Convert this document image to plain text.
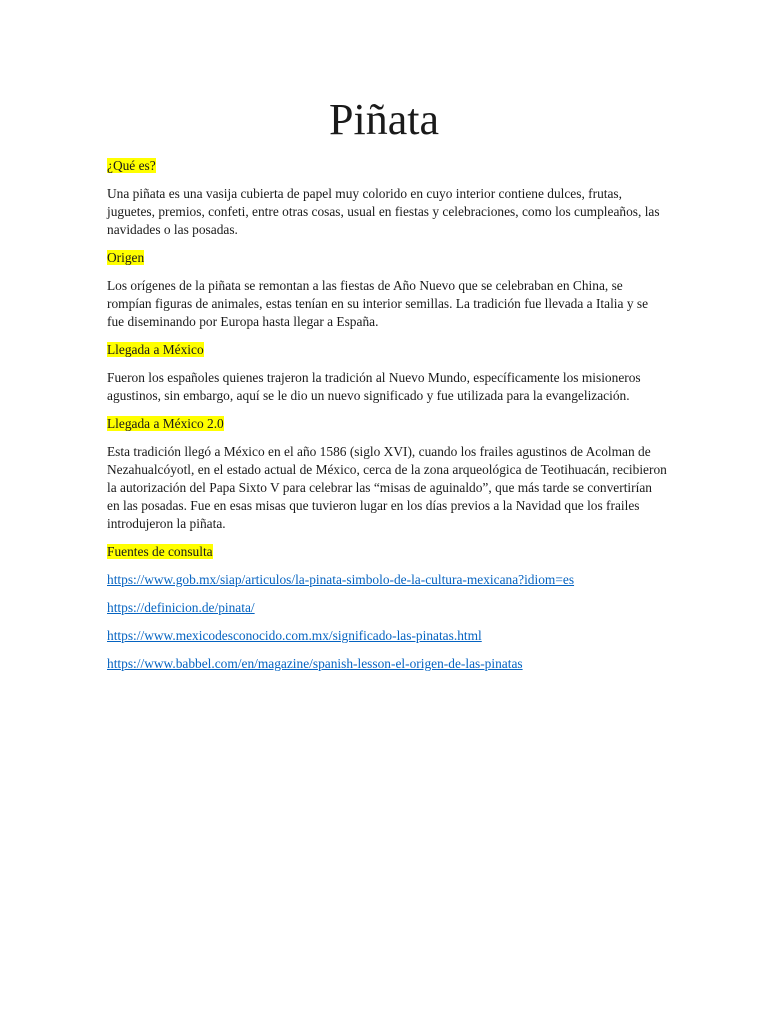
Piñata
¿Qué es?

Una piñata es una vasija cubierta de papel muy colorido en cuyo interior contiene dulces, frutas, juguetes, premios, confeti, entre otras cosas, usual en fiestas y celebraciones, como los cumpleaños, las navidades o las posadas.

Origen

Los orígenes de la piñata se remontan a las fiestas de Año Nuevo que se celebraban en China, se rompían figuras de animales, estas tenían en su interior semillas. La tradición fue llevada a Italia y se fue diseminando por Europa hasta llegar a España.

Llegada a México

Fueron los españoles quienes trajeron la tradición al Nuevo Mundo, específicamente los misioneros agustinos, sin embargo, aquí se le dio un nuevo significado y fue utilizada para la evangelización.

Llegada a México 2.0

Esta tradición llegó a México en el año 1586 (siglo XVI), cuando los frailes agustinos de Acolman de Nezahualcóyotl, en el estado actual de México, cerca de la zona arqueológica de Teotihuacán, recibieron la autorización del Papa Sixto V para celebrar las “misas de aguinaldo”, que más tarde se convertirían en las posadas. Fue en esas misas que tuvieron lugar en los días previos a la Navidad que los frailes introdujeron la piñata.

Fuentes de consulta
https://www.gob.mx/siap/articulos/la-pinata-simbolo-de-la-cultura-mexicana?idiom=es
https://definicion.de/pinata/
https://www.mexicodesconocido.com.mx/significado-las-pinatas.html
https://www.babbel.com/en/magazine/spanish-lesson-el-origen-de-las-pinatas
